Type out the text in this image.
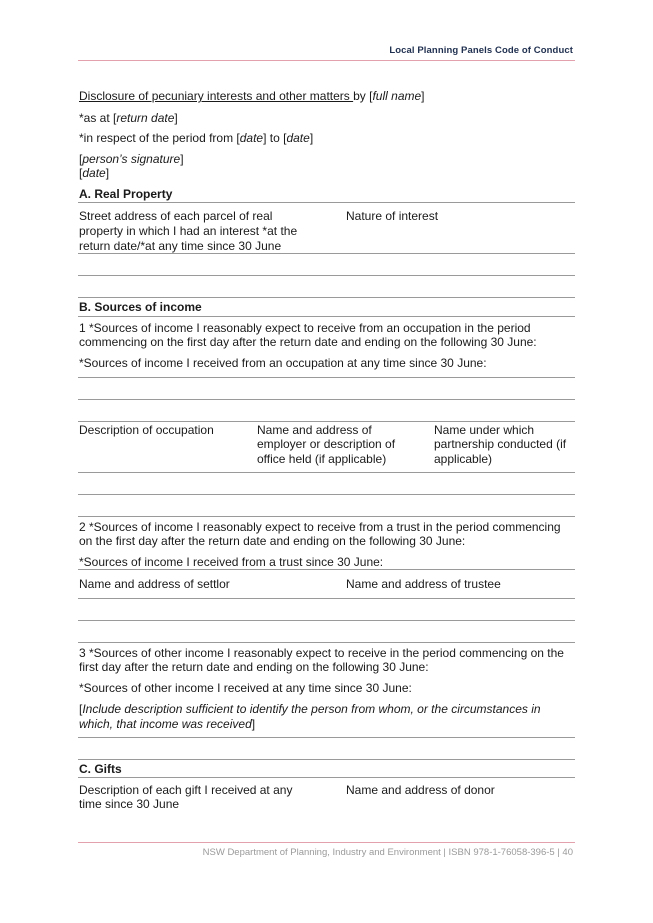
Local Planning Panels Code of Conduct
Disclosure of pecuniary interests and other matters by [full name]
*as at [return date]
*in respect of the period from [date] to [date]
[person’s signature]
[date]
A. Real Property
Street address of each parcel of real
property in which I had an interest *at the
return date/*at any time since 30 June
Nature of interest
B. Sources of income
1 *Sources of income I reasonably expect to receive from an occupation in the period
commencing on the first day after the return date and ending on the following 30 June:
*Sources of income I received from an occupation at any time since 30 June:
Description of occupation	Name and address of
employer or description of
office held (if applicable)
Name under which
partnership conducted (if
applicable)
2 *Sources of income I reasonably expect to receive from a trust in the period commencing
on the first day after the return date and ending on the following 30 June:
*Sources of income I received from a trust since 30 June:
Name and address of settlor	Name and address of trustee
3 *Sources of other income I reasonably expect to receive in the period commencing on the
first day after the return date and ending on the following 30 June:
*Sources of other income I received at any time since 30 June:
[Include description sufficient to identify the person from whom, or the circumstances in
which, that income was received]
C. Gifts
Description of each gift I received at any
time since 30 June
Name and address of donor
NSW Department of Planning, Industry and Environment | ISBN 978-1-76058-396-5 | 40
